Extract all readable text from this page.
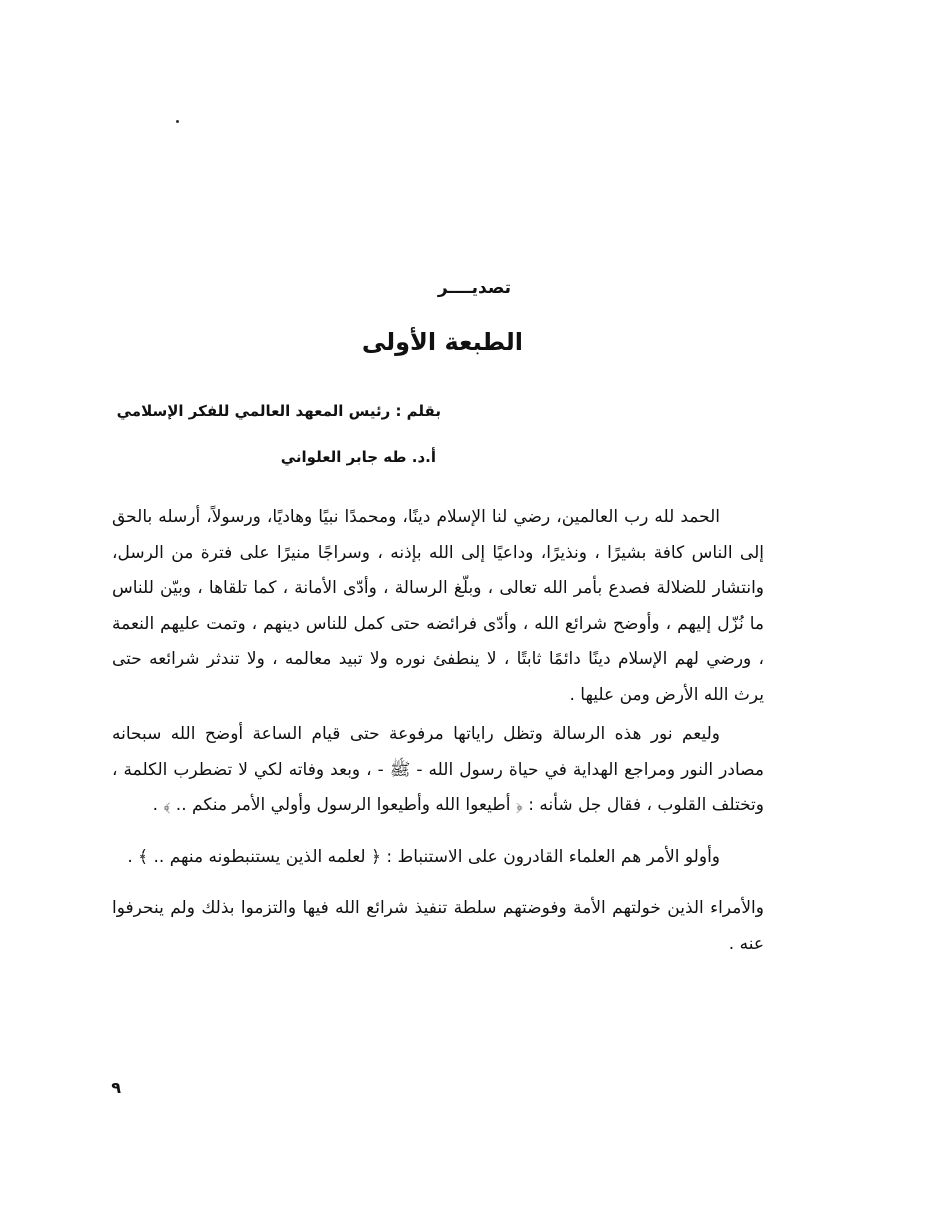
تصديــــر
الطبعة الأولى
بقلم : رئيس المعهد العالمي للفكر الإسلامي
أ.د. طه جابر العلواني

الحمد لله رب العالمين، رضي لنا الإسلام دينًا، ومحمدًا نبيًا وهاديًا، ورسولاً، أرسله بالحق إلى الناس كافة بشيرًا ، ونذيرًا، وداعيًا إلى الله بإذنه ، وسراجًا منيرًا على فترة من الرسل، وانتشار للضلالة فصدع بأمر الله تعالى ، وبلّغ الرسالة ، وأدّى الأمانة ، كما تلقاها ، وبيّن للناس ما نُزّل إليهم ، وأوضح شرائع الله ، وأدّى فرائضه حتى كمل للناس دينهم ، وتمت عليهم النعمة ، ورضي لهم الإسلام دينًا دائمًا ثابتًا ، لا ينطفئ نوره ولا تبيد معالمه ، ولا تندثر شرائعه حتى يرث الله الأرض ومن عليها .

وليعم نور هذه الرسالة وتظل راياتها مرفوعة حتى قيام الساعة أوضح الله سبحانه مصادر النور ومراجع الهداية في حياة رسول الله - ﷺ - ، وبعد وفاته لكي لا تضطرب الكلمة ، وتختلف القلوب ، فقال جل شأنه : ﴿ أطيعوا الله وأطيعوا الرسول وأولي الأمر منكم .. ﴾ .

وأولو الأمر هم العلماء القادرون على الاستنباط : ﴿ لعلمه الذين يستنبطونه منهم .. ﴾ .

والأمراء الذين خولتهم الأمة وفوضتهم سلطة تنفيذ شرائع الله فيها والتزموا بذلك ولم ينحرفوا عنه .

٩
